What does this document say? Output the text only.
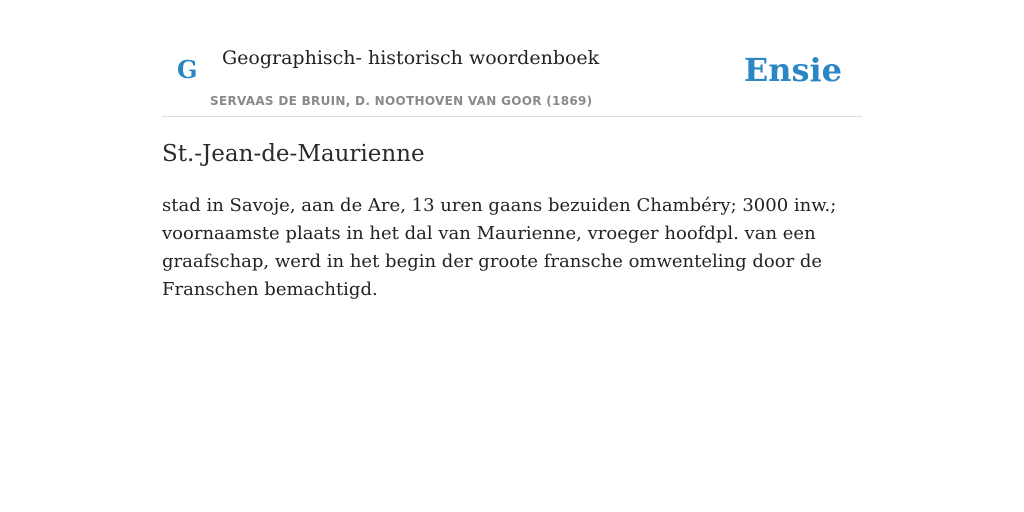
G Geographisch- historisch woordenboek
SERVAAS DE BRUIN, D. NOOTHOVEN VAN GOOR (1869)
Ensie
St.-Jean-de-Maurienne

stad in Savoje, aan de Are, 13 uren gaans bezuiden Chambéry; 3000 inw.; voornaamste plaats in het dal van Maurienne, vroeger hoofdpl. van een graafschap, werd in het begin der groote fransche omwenteling door de Franschen bemachtigd.
